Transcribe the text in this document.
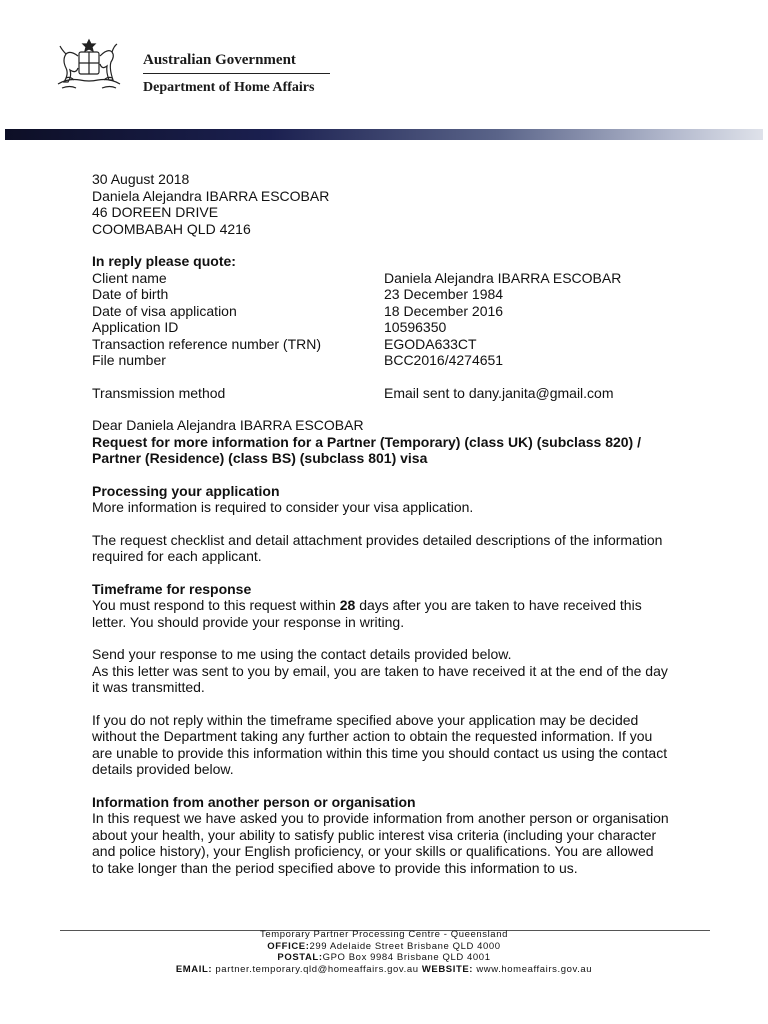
Australian Government
Department of Home Affairs

30 August 2018

Daniela Alejandra IBARRA ESCOBAR

46 DOREEN DRIVE

COOMBABAH QLD 4216

In reply please quote:

Client name	Daniela Alejandra IBARRA ESCOBAR
Date of birth	23 December 1984
Date of visa application	18 December 2016
Application ID	10596350
Transaction reference number (TRN)	EGODA633CT
File number	BCC2016/4274651
Transmission method	Email sent to dany.janita@gmail.com

Dear Daniela Alejandra IBARRA ESCOBAR

Request for more information for a Partner (Temporary) (class UK) (subclass 820) /

Partner (Residence) (class BS) (subclass 801) visa

Processing your application

More information is required to consider your visa application.

The request checklist and detail attachment provides detailed descriptions of the information

required for each applicant.

Timeframe for response

You must respond to this request within 28 days after you are taken to have received this

letter. You should provide your response in writing.

Send your response to me using the contact details provided below.

As this letter was sent to you by email, you are taken to have received it at the end of the day

it was transmitted.

If you do not reply within the timeframe specified above your application may be decided

without the Department taking any further action to obtain the requested information. If you

are unable to provide this information within this time you should contact us using the contact

details provided below.

Information from another person or organisation

In this request we have asked you to provide information from another person or organisation

about your health, your ability to satisfy public interest visa criteria (including your character

and police history), your English proficiency, or your skills or qualifications. You are allowed

to take longer than the period specified above to provide this information to us.

Temporary Partner Processing Centre - Queensland
OFFICE:299 Adelaide Street Brisbane QLD 4000
POSTAL:GPO Box 9984 Brisbane QLD 4001
EMAIL: partner.temporary.qld@homeaffairs.gov.au WEBSITE: www.homeaffairs.gov.au
